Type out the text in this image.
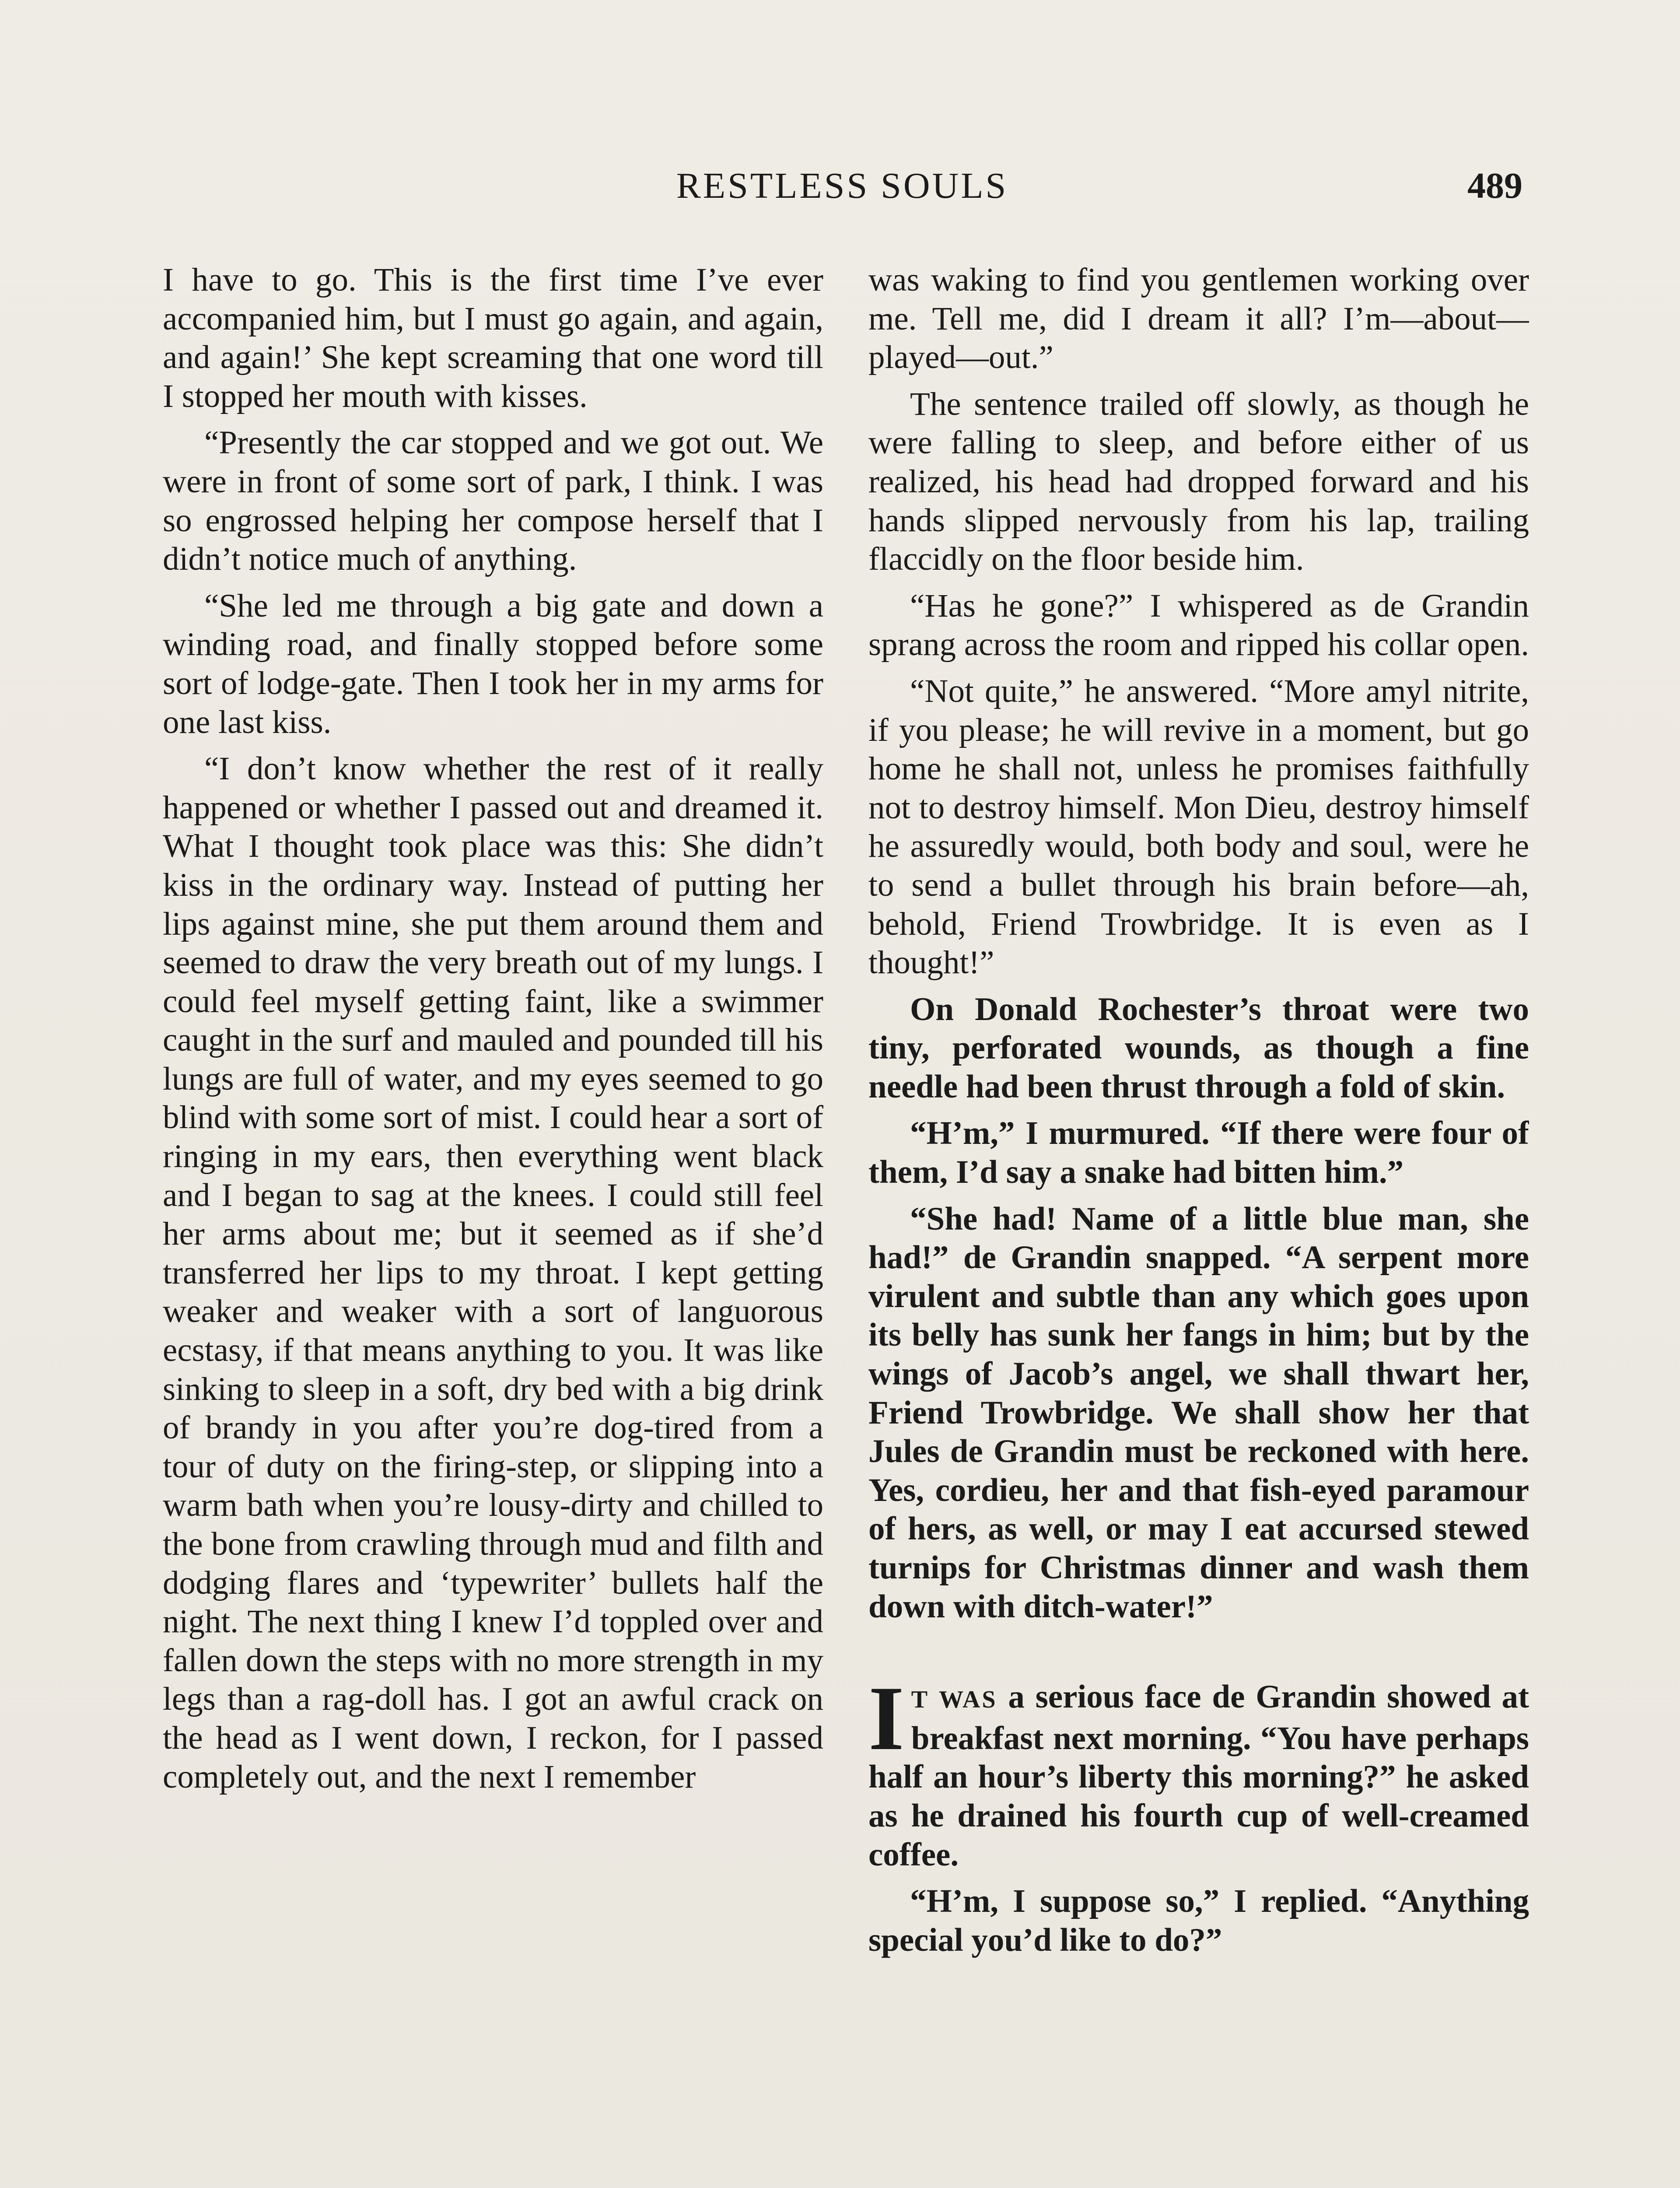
RESTLESS SOULS	489

I have to go. This is the first time I’ve ever accompanied him, but I must go again, and again, and again!’ She kept screaming that one word till I stopped her mouth with kisses.

“Presently the car stopped and we got out. We were in front of some sort of park, I think. I was so engrossed helping her compose herself that I didn’t notice much of anything.

“She led me through a big gate and down a winding road, and finally stopped before some sort of lodge-gate. Then I took her in my arms for one last kiss.

“I don’t know whether the rest of it really happened or whether I passed out and dreamed it. What I thought took place was this: She didn’t kiss in the ordinary way. Instead of putting her lips against mine, she put them around them and seemed to draw the very breath out of my lungs. I could feel myself getting faint, like a swimmer caught in the surf and mauled and pounded till his lungs are full of water, and my eyes seemed to go blind with some sort of mist. I could hear a sort of ringing in my ears, then everything went black and I began to sag at the knees. I could still feel her arms about me; but it seemed as if she’d transferred her lips to my throat. I kept getting weaker and weaker with a sort of languorous ecstasy, if that means anything to you. It was like sinking to sleep in a soft, dry bed with a big drink of brandy in you after you’re dog-tired from a tour of duty on the firing-step, or slipping into a warm bath when you’re lousy-dirty and chilled to the bone from crawling through mud and filth and dodging flares and ‘typewriter’ bullets half the night. The next thing I knew I’d toppled over and fallen down the steps with no more strength in my legs than a rag-doll has. I got an awful crack on the head as I went down, I reckon, for I passed completely out, and the next I remember

was waking to find you gentlemen working over me. Tell me, did I dream it all? I’m—about—played—out.”

The sentence trailed off slowly, as though he were falling to sleep, and before either of us realized, his head had dropped forward and his hands slipped nervously from his lap, trailing flaccidly on the floor beside him.

“Has he gone?” I whispered as de Grandin sprang across the room and ripped his collar open.

“Not quite,” he answered. “More amyl nitrite, if you please; he will revive in a moment, but go home he shall not, unless he promises faithfully not to destroy himself. Mon Dieu, destroy himself he assuredly would, both body and soul, were he to send a bullet through his brain before—ah, behold, Friend Trowbridge. It is even as I thought!”

On Donald Rochester’s throat were two tiny, perforated wounds, as though a fine needle had been thrust through a fold of skin.

“H’m,” I murmured. “If there were four of them, I’d say a snake had bitten him.”

“She had! Name of a little blue man, she had!” de Grandin snapped. “A serpent more virulent and subtle than any which goes upon its belly has sunk her fangs in him; but by the wings of Jacob’s angel, we shall thwart her, Friend Trowbridge. We shall show her that Jules de Grandin must be reckoned with here. Yes, cordieu, her and that fish-eyed paramour of hers, as well, or may I eat accursed stewed turnips for Christmas dinner and wash them down with ditch-water!”

I T WAS a serious face de Grandin showed at breakfast next morning. “You have perhaps half an hour’s liberty this morning?” he asked as he drained his fourth cup of well-creamed coffee.

“H’m, I suppose so,” I replied. “Anything special you’d like to do?”
